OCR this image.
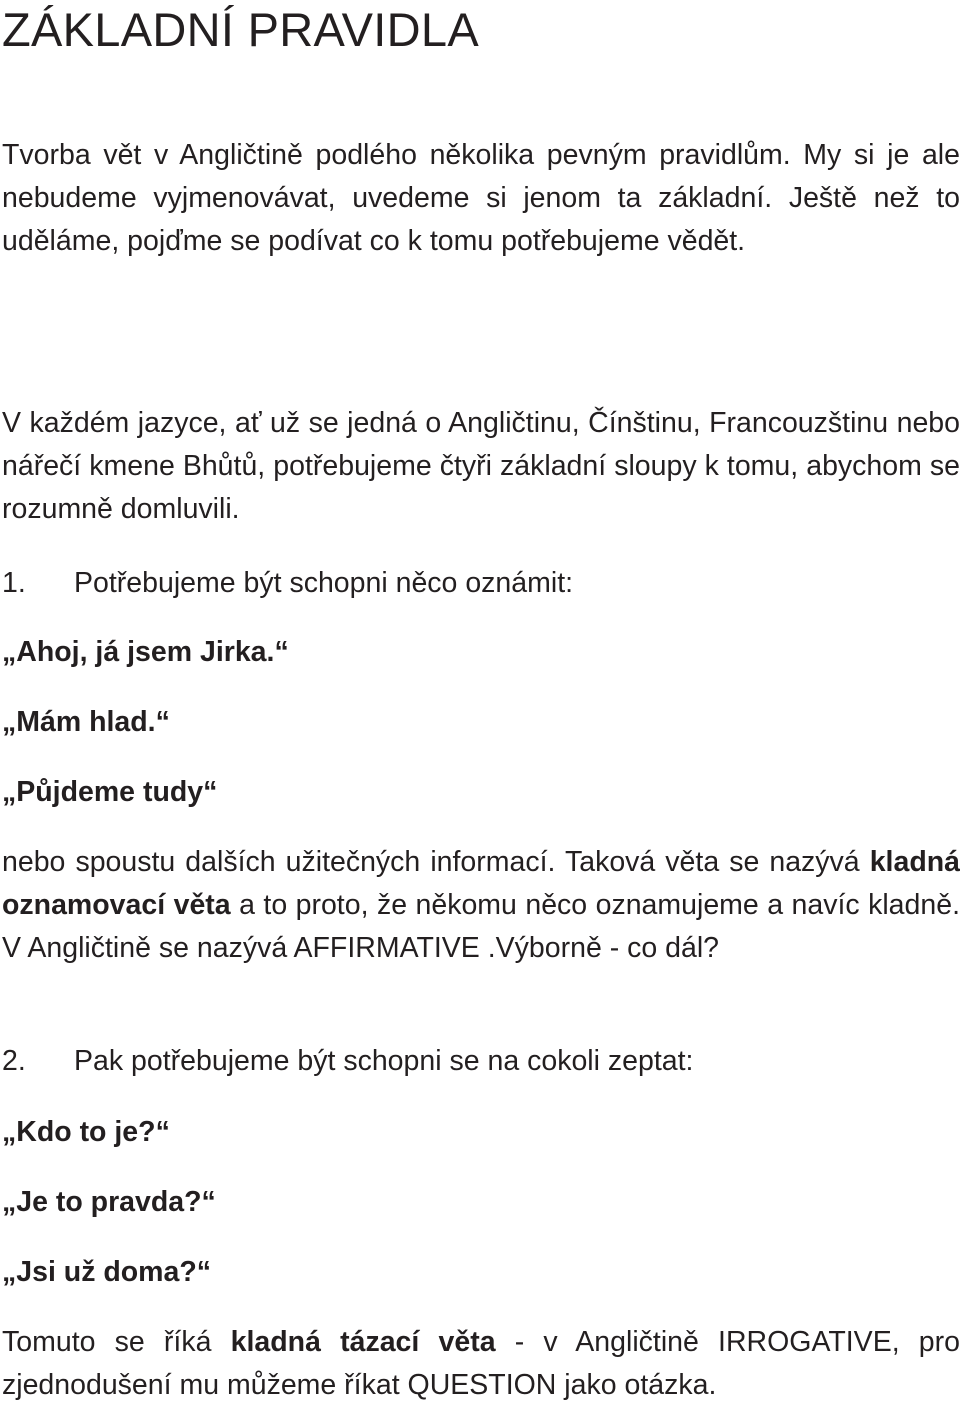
ZÁKLADNÍ PRAVIDLA

Tvorba vět v Angličtině podlého několika pevným pravidlům. My si je ale nebudeme vyjmenovávat, uvedeme si jenom ta základní. Ještě než to uděláme, pojďme se podívat co k tomu potřebujeme vědět.

V každém jazyce, ať už se jedná o Angličtinu, Čínštinu, Francouzštinu nebo nářečí kmene Bhůtů, potřebujeme čtyři základní sloupy k tomu, abychom se rozumně domluvili.

1. Potřebujeme být schopni něco oznámit:

„Ahoj, já jsem Jirka.“

„Mám hlad.“

„Půjdeme tudy“

nebo spoustu dalších užitečných informací. Taková věta se nazývá kladná oznamovací věta a to proto, že někomu něco oznamujeme a navíc kladně. V Angličtině se nazývá AFFIRMATIVE .Výborně - co dál?

2. Pak potřebujeme být schopni se na cokoli zeptat:

„Kdo to je?“

„Je to pravda?“

„Jsi už doma?“

Tomuto se říká kladná tázací věta - v Angličtině IRROGATIVE, pro zjednodušení mu můžeme říkat QUESTION jako otázka.
